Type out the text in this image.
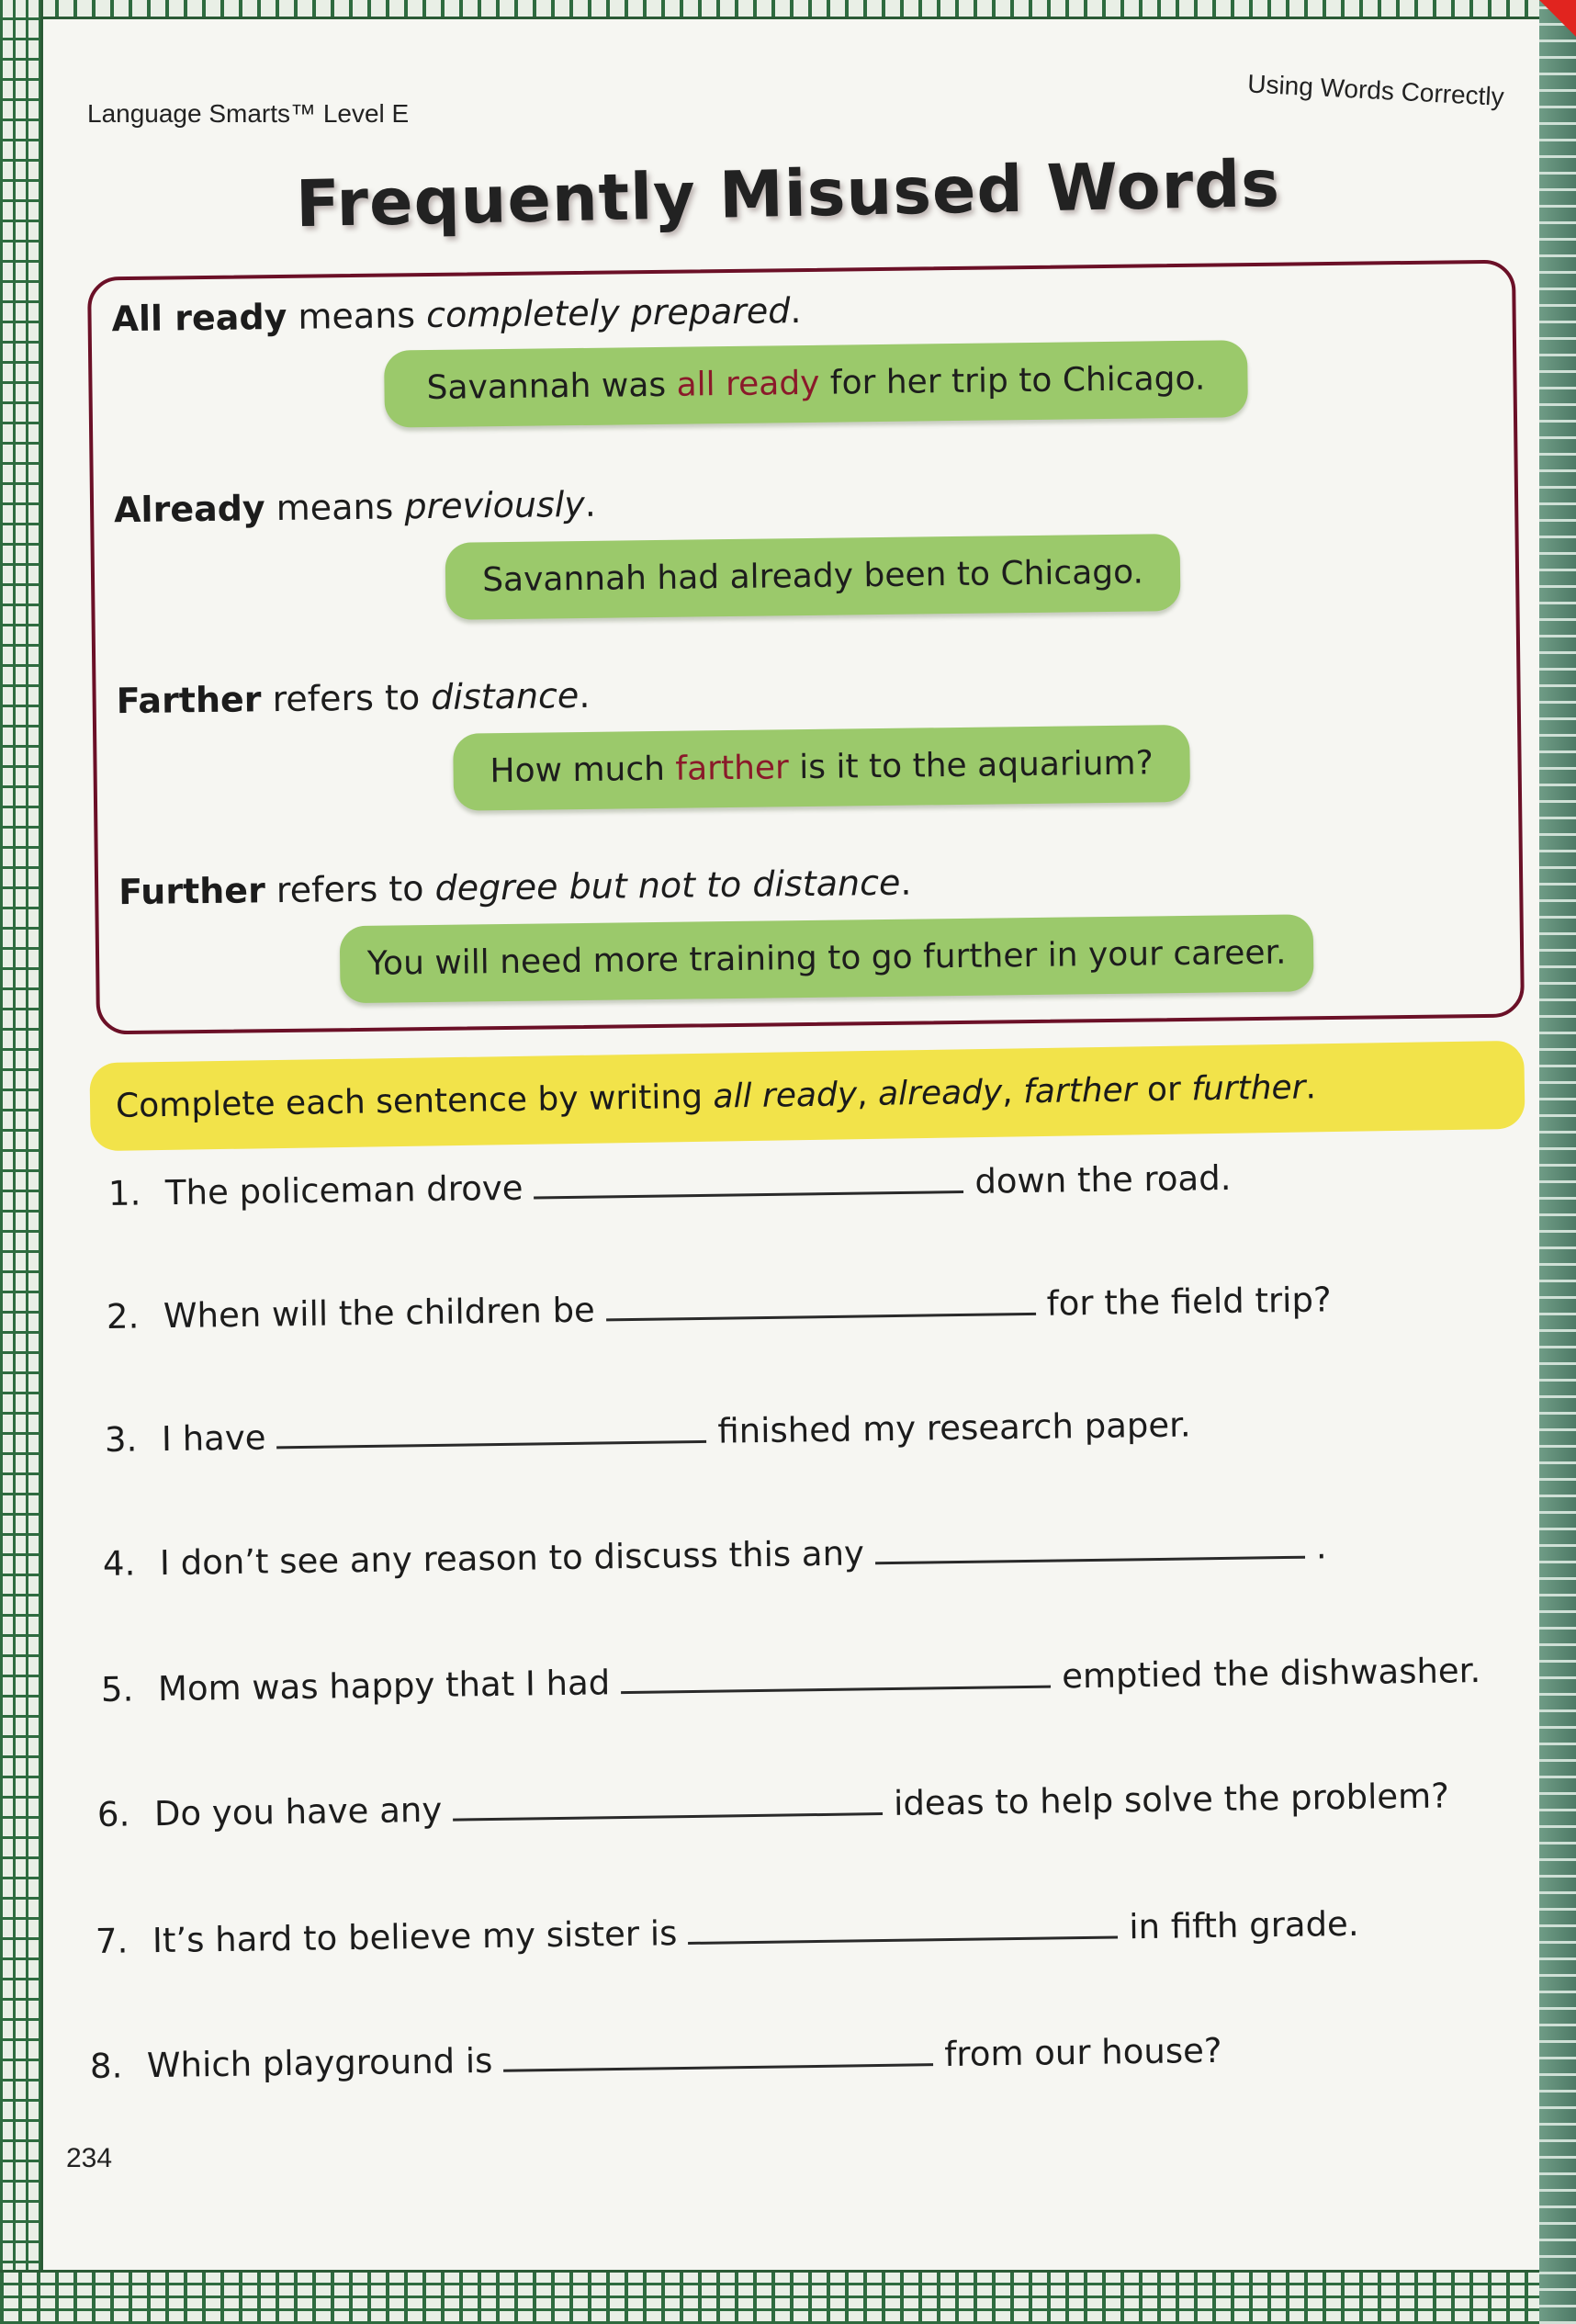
Language Smarts™ Level E
Using Words Correctly
Frequently Misused Words
All ready means completely prepared.
Savannah was all ready for her trip to Chicago.
Already means previously.
Savannah had already been to Chicago.
Farther refers to distance.
How much farther is it to the aquarium?
Further refers to degree but not to distance.
You will need more training to go further in your career.
Complete each sentence by writing all ready, already, farther or further.
1. The policeman drove	down the road.
2. When will the children be	for the field trip?
3. I have	finished my research paper.
4. I don’t see any reason to discuss this any	.
5. Mom was happy that I had	emptied the dishwasher.
6. Do you have any	ideas to help solve the problem?
7. It’s hard to believe my sister is	in fifth grade.
8. Which playground is	from our house?
234
